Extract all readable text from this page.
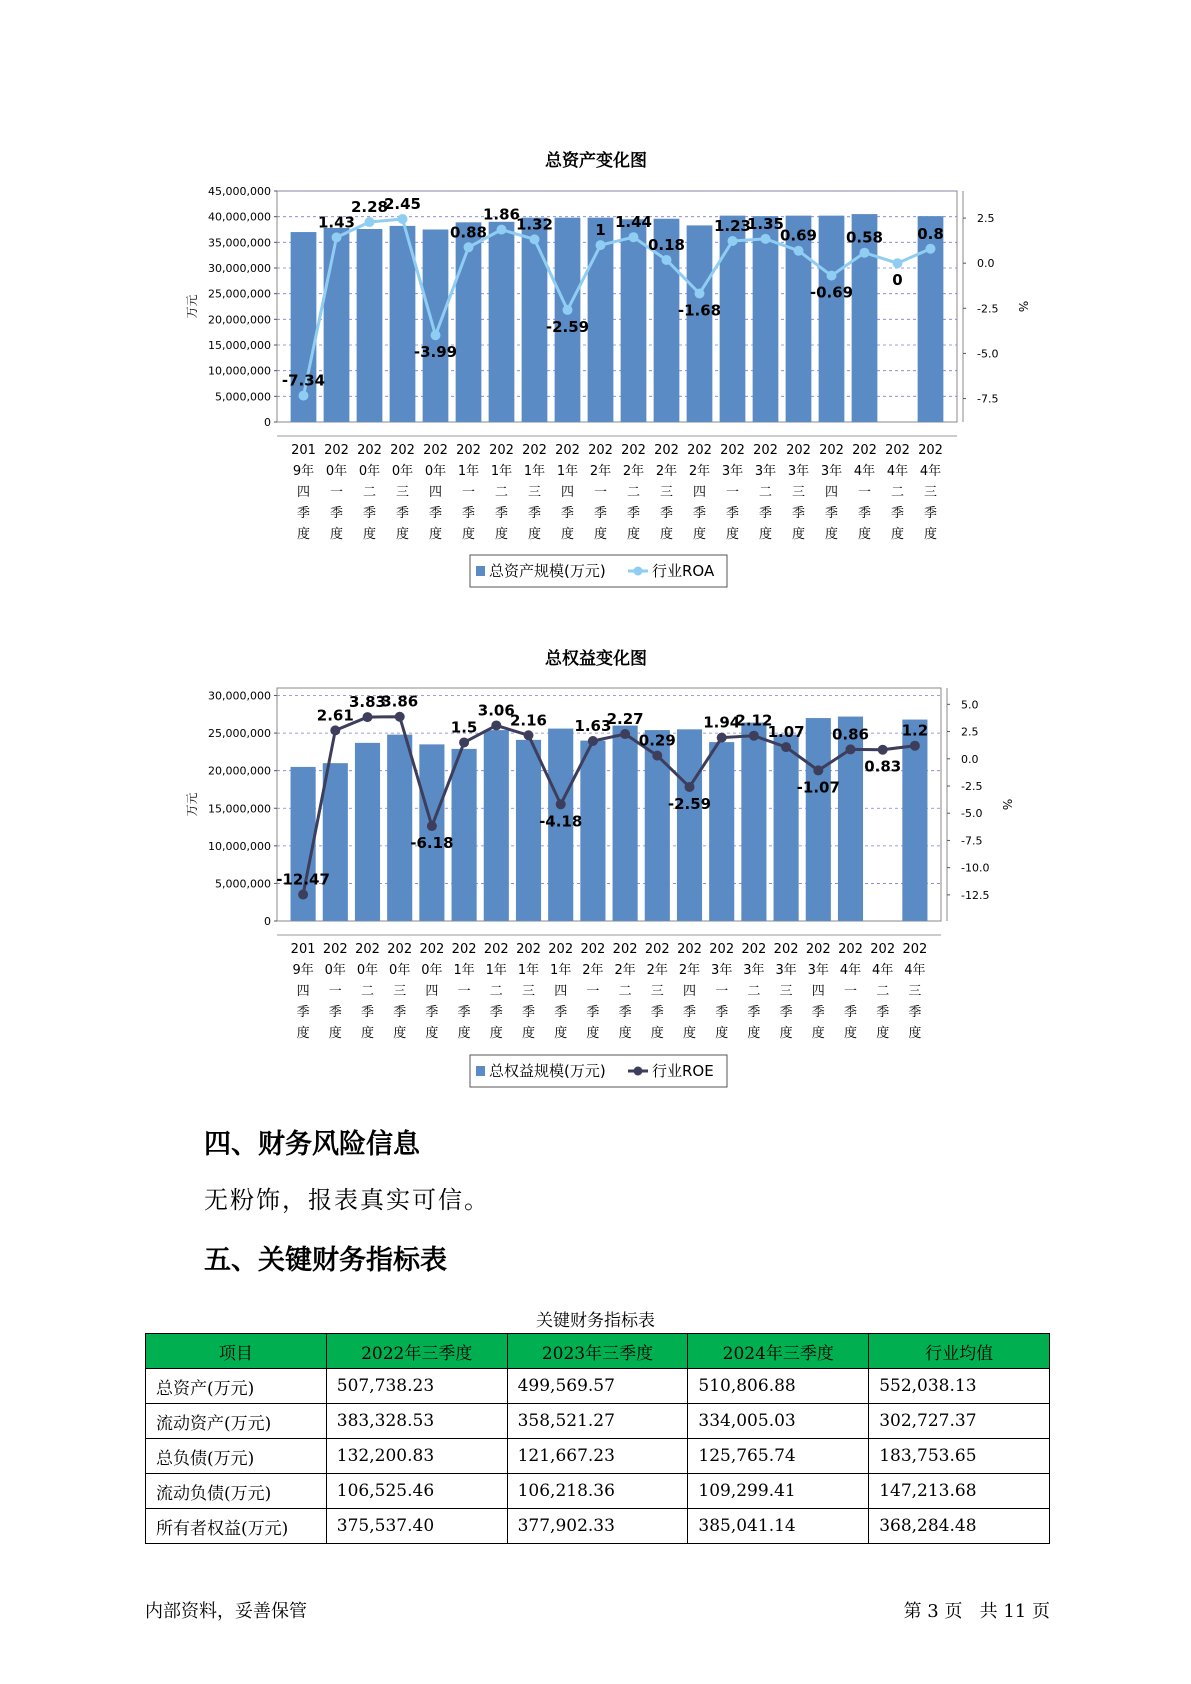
总资产变化图
0
5,000,000
10,000,000
15,000,000
20,000,000
25,000,000
30,000,000
35,000,000
40,000,000
45,000,000
-7.5
-5.0
-2.5
0.0
2.5
万元	%
-7.34
1.43
2.28
2.45
-3.99
0.88
1.86
1.32
-2.59
1 1.44
0.18
-1.68
1.23
1.35
0.69
-0.69
0.58
0
0.8
201
9年
四
季
度
202
0年
一
季
度
202
0年
二
季
度
202
0年
三
季
度
202
0年
四
季
度
202
1年
一
季
度
202
1年
二
季
度
202
1年
三
季
度
202
1年
四
季
度
202
2年
一
季
度
202
2年
二
季
度
202
2年
三
季
度
202
2年
四
季
度
202
3年
一
季
度
202
3年
二
季
度
202
3年
三
季
度
202
3年
四
季
度
202
4年
一
季
度
202
4年
二
季
度
202
4年
三
季
度
总资产规模(万元)	行业ROA
总权益变化图
0
5,000,000
10,000,000
15,000,000
20,000,000
25,000,000
30,000,000
-12.5
-10.0
-7.5
-5.0
-2.5
0.0
2.5
5.0
万元	%
-12.47
2.61
3.83
3.86
-6.18
1.5
3.06
2.16
-4.18
1.63
2.27
0.29
-2.59
1.94
2.12
1.07
-1.07
0.86
0.83
1.2
201
9年
四
季
度
202
0年
一
季
度
202
0年
二
季
度
202
0年
三
季
度
202
0年
四
季
度
202
1年
一
季
度
202
1年
二
季
度
202
1年
三
季
度
202
1年
四
季
度
202
2年
一
季
度
202
2年
二
季
度
202
2年
三
季
度
202
2年
四
季
度
202
3年
一
季
度
202
3年
二
季
度
202
3年
三
季
度
202
3年
四
季
度
202
4年
一
季
度
202
4年
二
季
度
202
4年
三
季
度
总权益规模(万元)	行业ROE
四、财务风险信息
无粉饰，报表真实可信。
五、关键财务指标表
关键财务指标表
项目	2022年三季度	2023年三季度	2024年三季度	行业均值
总资产(万元)	507,738.23	499,569.57	510,806.88	552,038.13
流动资产(万元)	383,328.53	358,521.27	334,005.03	302,727.37
总负债(万元)	132,200.83	121,667.23	125,765.74	183,753.65
流动负债(万元)	106,525.46	106,218.36	109,299.41	147,213.68
所有者权益(万元)	375,537.40	377,902.33	385,041.14	368,284.48
内部资料，妥善保管	第 3 页   共 11 页
